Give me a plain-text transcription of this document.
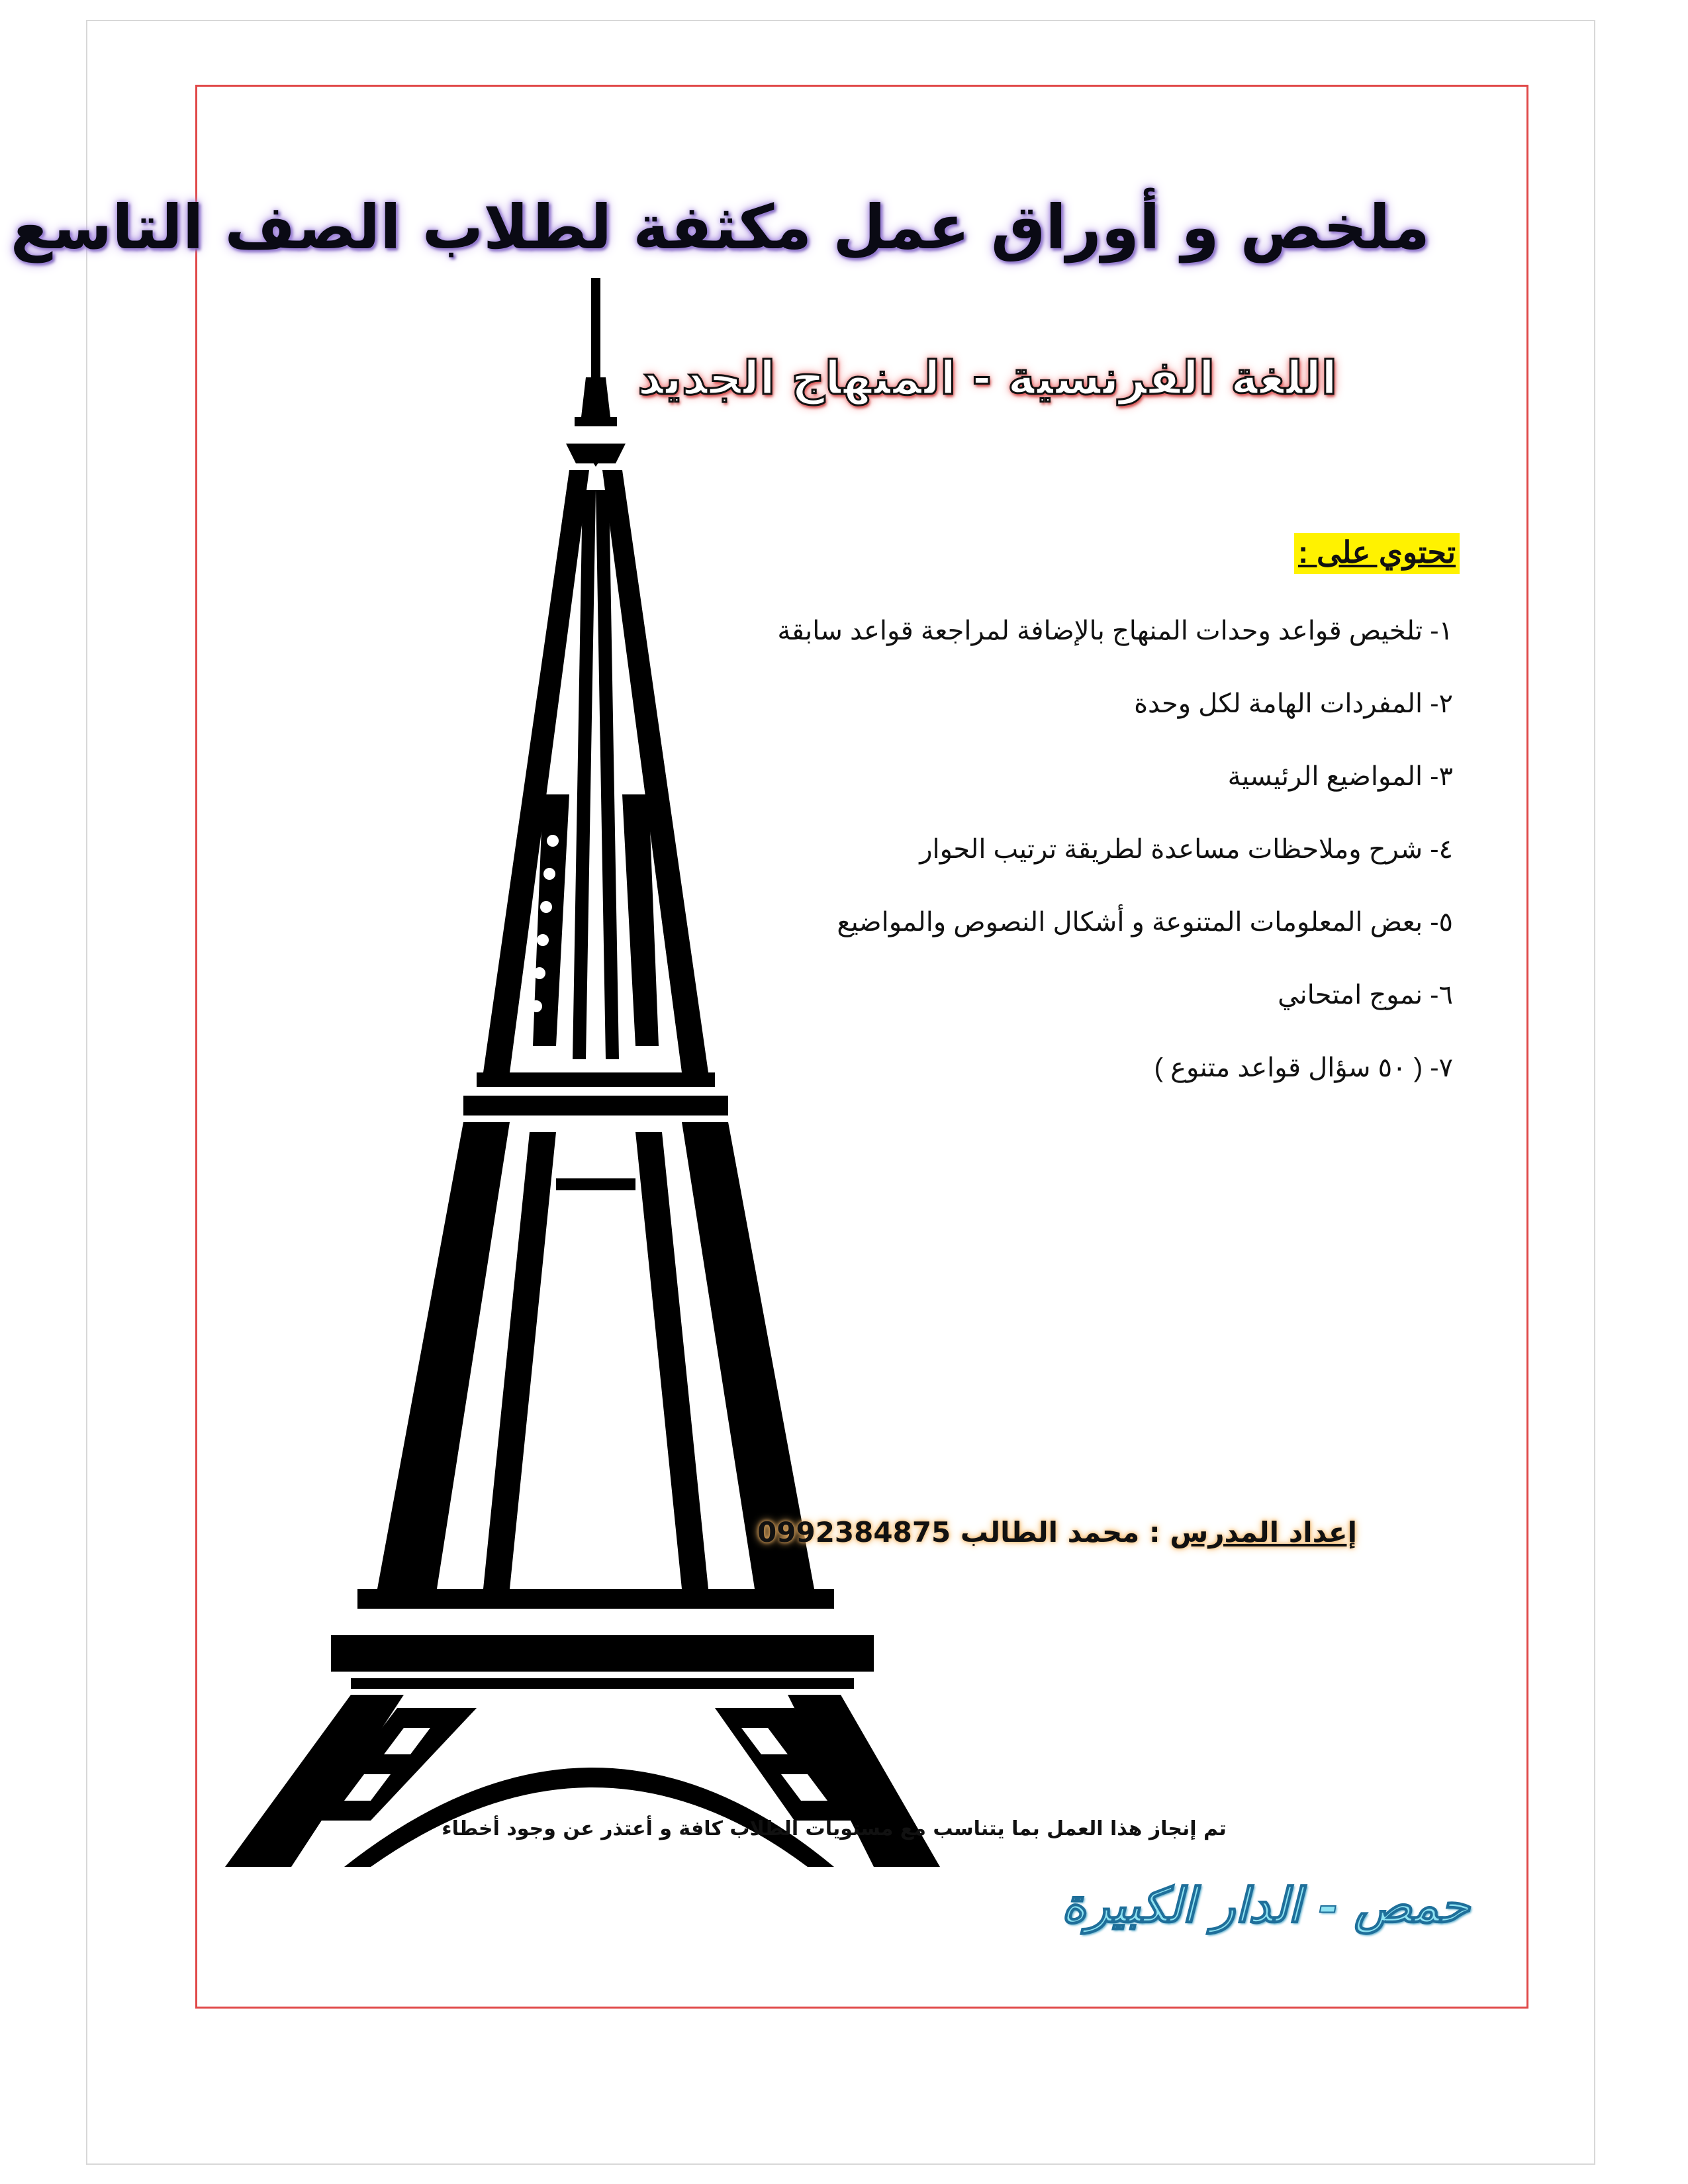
ملخص و أوراق عمل مكثفة لطلاب الصف التاسع
اللغة الفرنسية - المنهاج الجديد
تحتوي على :
١- تلخيص قواعد وحدات المنهاج بالإضافة لمراجعة قواعد سابقة
٢- المفردات الهامة لكل وحدة
٣- المواضيع الرئيسية
٤- شرح وملاحظات مساعدة لطريقة ترتيب الحوار
٥- بعض المعلومات المتنوعة و أشكال النصوص والمواضيع
٦- نموج امتحاني
٧- ( ٥٠ سؤال قواعد متنوع )
إعداد المدرس : محمد الطالب 0992384875
تم إنجاز هذا العمل بما يتناسب مع مستويات الطلاب كافة و أعتذر عن وجود أخطاء
حمص - الدار الكبيرة
